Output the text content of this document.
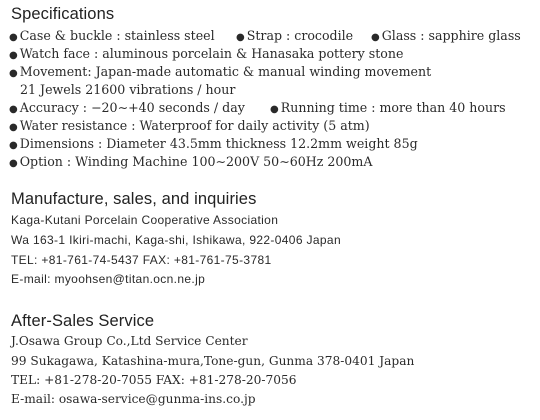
Specifications
● Case & buckle : stainless steel ● Strap : crocodile ● Glass : sapphire glass
● Watch face : aluminous porcelain & Hanasaka pottery stone
● Movement: Japan-made automatic & manual winding movement
21 Jewels 21600 vibrations / hour
● Accuracy : −20∼+40 seconds / day	● Running time : more than 40 hours
● Water resistance : Waterproof for daily activity (5 atm)
● Dimensions : Diameter 43.5mm thickness 12.2mm weight 85g
● Option : Winding Machine 100∼200V 50∼60Hz 200mA
Manufacture, sales, and inquiries
Kaga-Kutani Porcelain Cooperative Association
Wa 163-1 Ikiri-machi, Kaga-shi, Ishikawa, 922-0406 Japan
TEL: +81-761-74-5437 FAX: +81-761-75-3781
E-mail: myoohsen@titan.ocn.ne.jp
After-Sales Service
J.Osawa Group Co.,Ltd Service Center
99 Sukagawa, Katashina-mura,Tone-gun, Gunma 378-0401 Japan
TEL: +81-278-20-7055 FAX: +81-278-20-7056
E-mail: osawa-service@gunma-ins.co.jp
